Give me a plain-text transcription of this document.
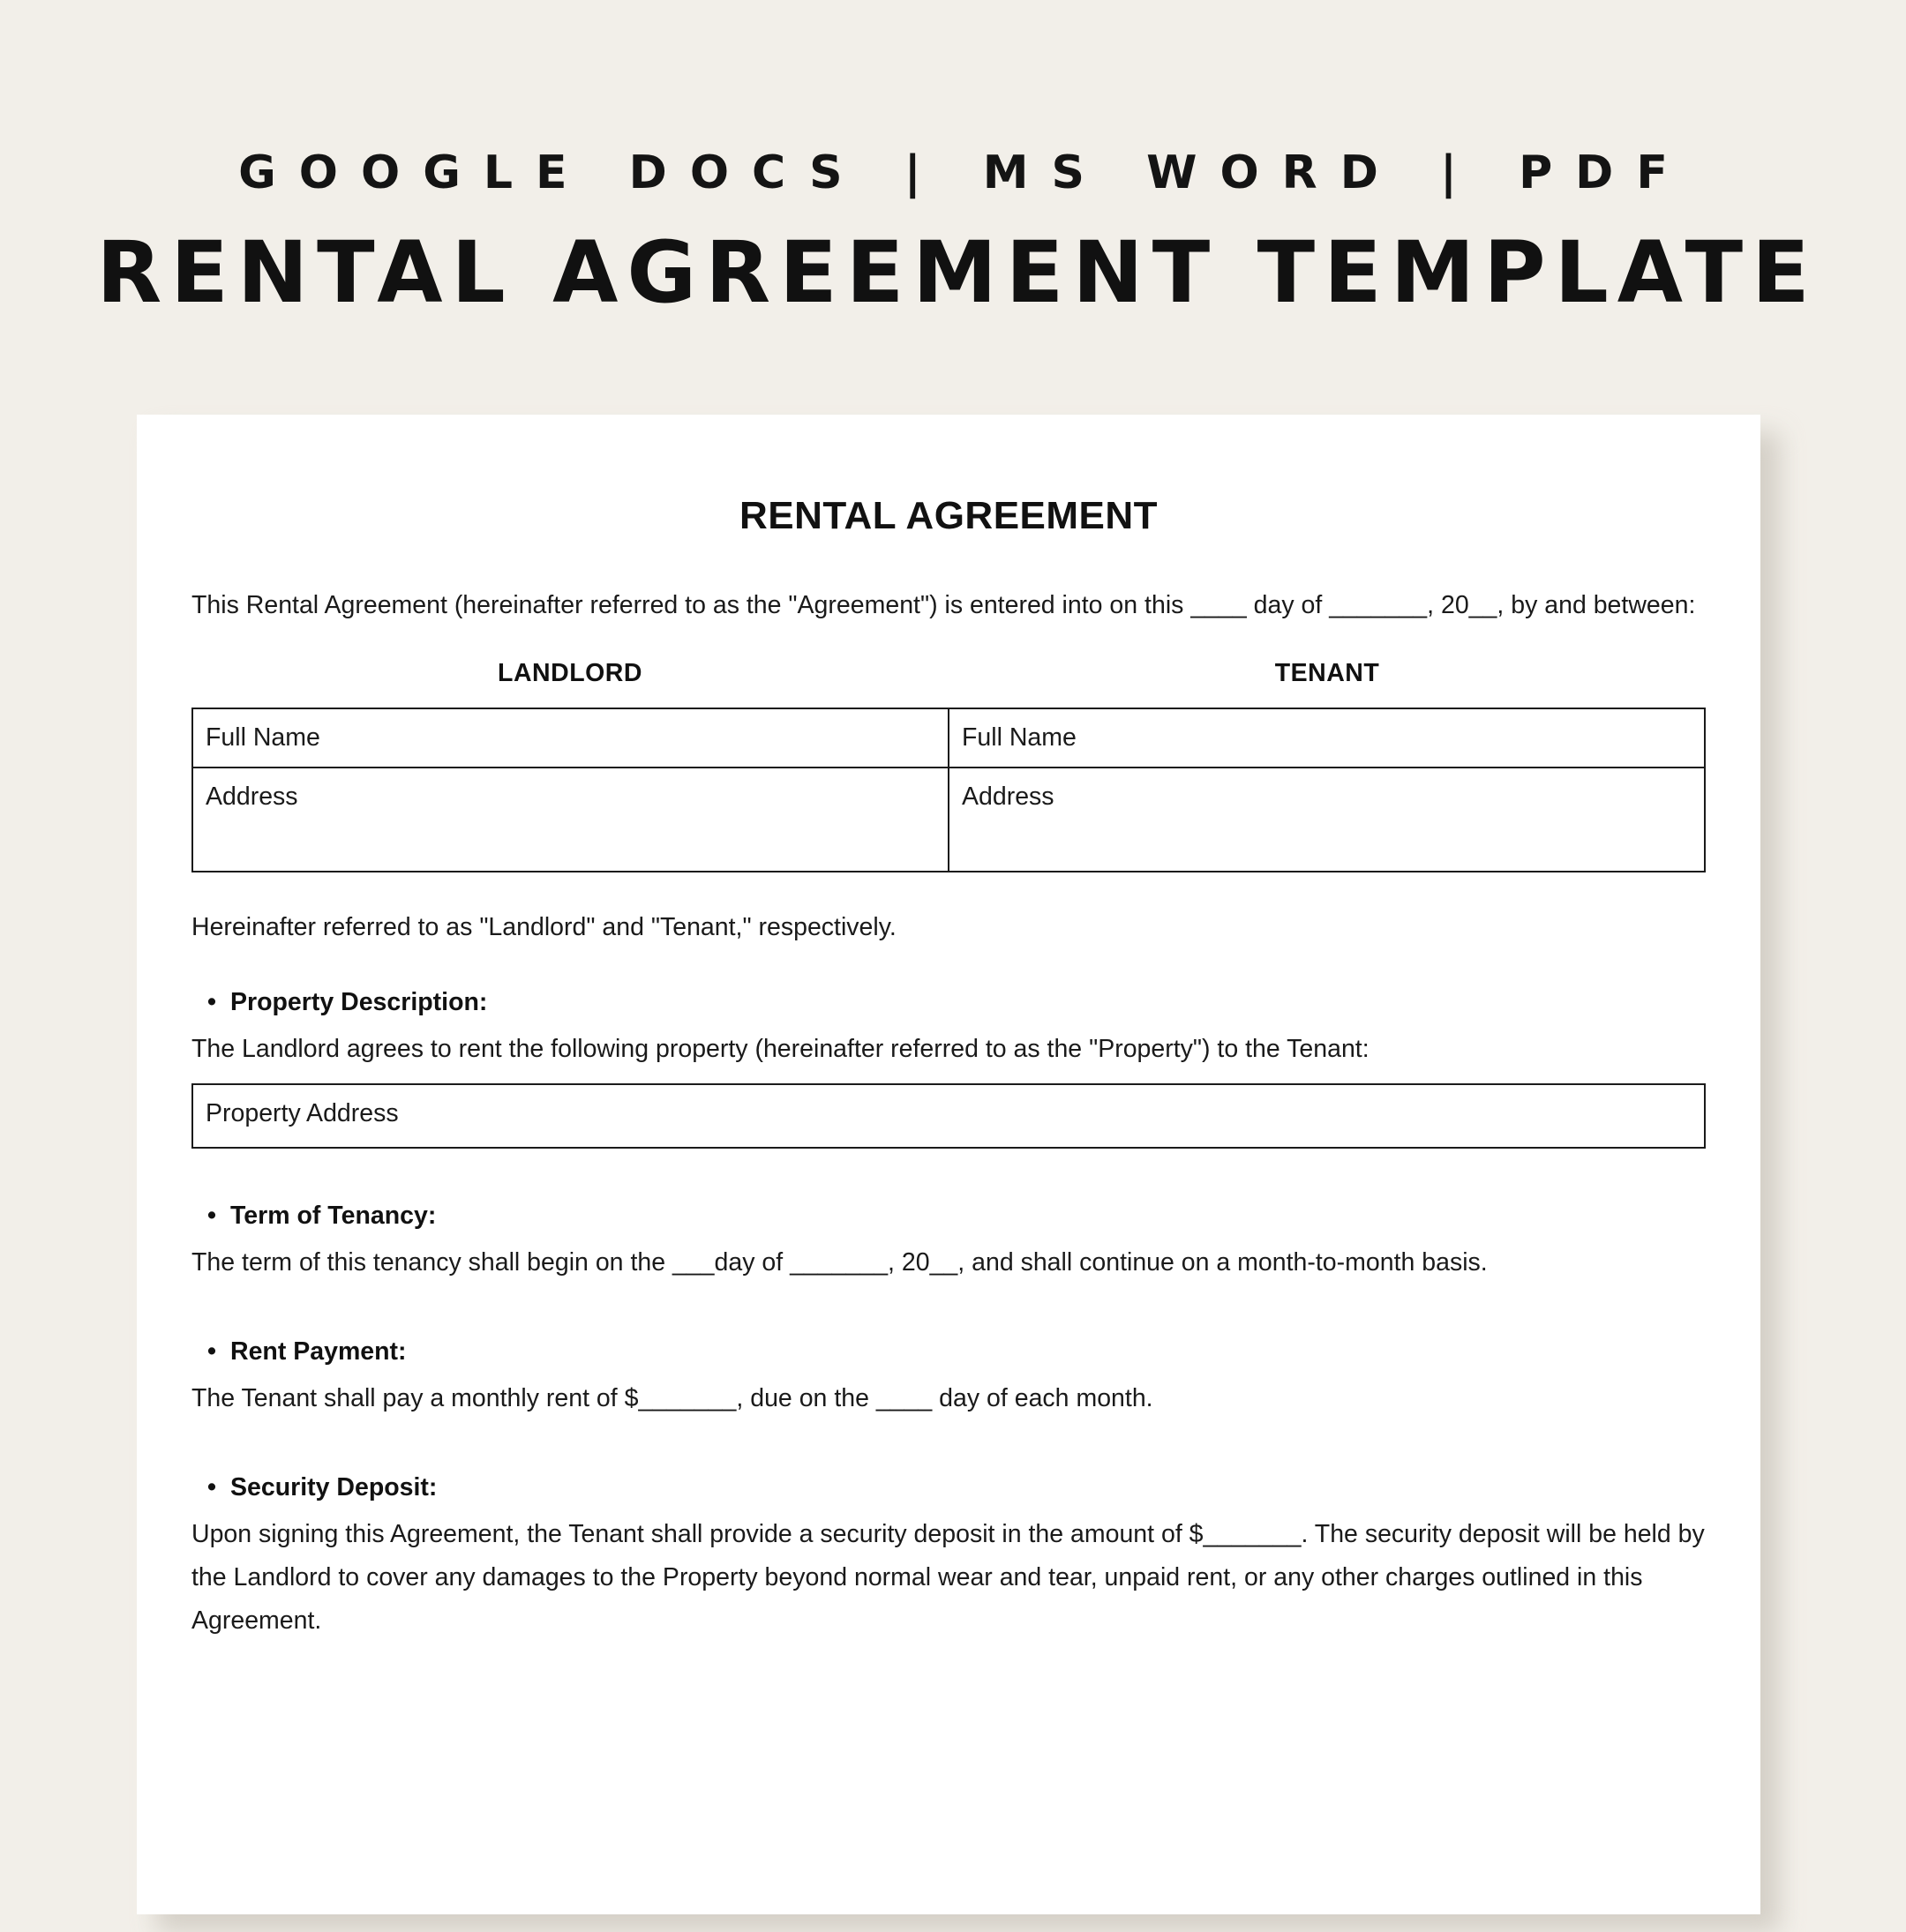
GOOGLE DOCS | MS WORD | PDF
RENTAL AGREEMENT TEMPLATE
RENTAL AGREEMENT

This Rental Agreement (hereinafter referred to as the "Agreement") is entered into on this ____ day of _______, 20__, by and between:

LANDLORD	TENANT
Full Name	Full Name
Address	Address
Hereinafter referred to as "Landlord" and "Tenant," respectively.
• Property Description:
The Landlord agrees to rent the following property (hereinafter referred to as the "Property") to the Tenant:
Property Address
• Term of Tenancy:
The term of this tenancy shall begin on the ___day of _______, 20__, and shall continue on a month-to-month basis.
• Rent Payment:
The Tenant shall pay a monthly rent of $_______, due on the ____ day of each month.
• Security Deposit:
Upon signing this Agreement, the Tenant shall provide a security deposit in the amount of $_______. The security deposit will be held by the Landlord to cover any damages to the Property beyond normal wear and tear, unpaid rent, or any other charges outlined in this Agreement.
